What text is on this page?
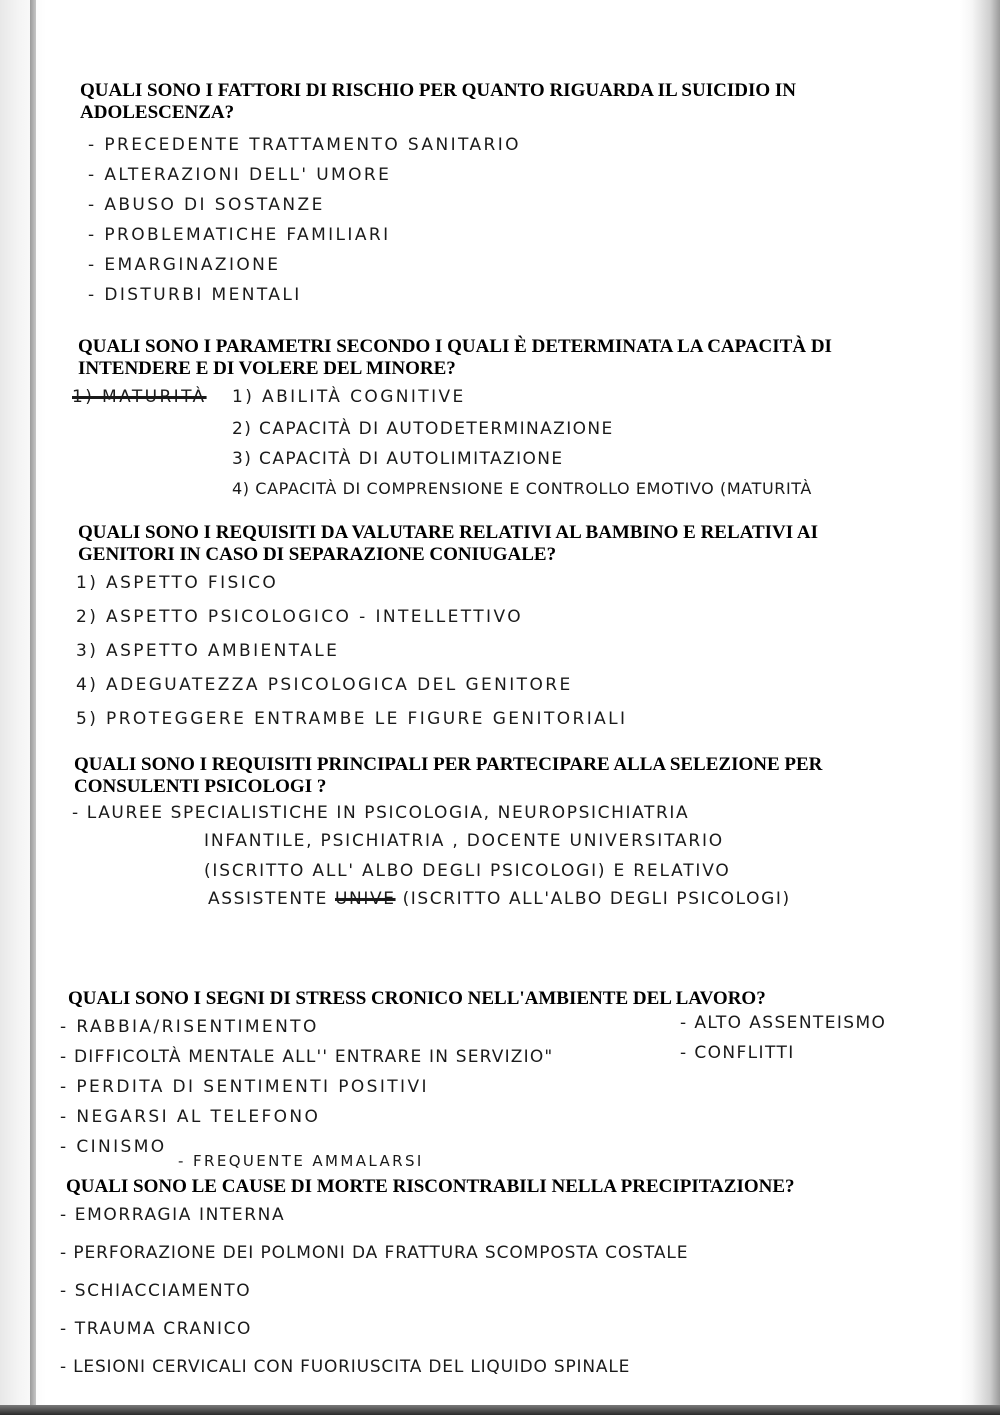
QUALI SONO I FATTORI DI RISCHIO PER QUANTO RIGUARDA IL SUICIDIO IN ADOLESCENZA?

- PRECEDENTE TRATTAMENTO SANITARIO
- ALTERAZIONI DELL' UMORE
- ABUSO DI SOSTANZE
- PROBLEMATICHE FAMILIARI
- EMARGINAZIONE
- DISTURBI MENTALI

QUALI SONO I PARAMETRI SECONDO I QUALI È DETERMINATA LA CAPACITÀ DI INTENDERE E DI VOLERE DEL MINORE?

1) MATURITÀ 1) ABILITÀ COGNITIVE
2) CAPACITÀ DI AUTODETERMINAZIONE
3) CAPACITÀ DI AUTOLIMITAZIONE
4) CAPACITÀ DI COMPRENSIONE E CONTROLLO EMOTIVO (MATURITÀ

QUALI SONO I REQUISITI DA VALUTARE RELATIVI AL BAMBINO E RELATIVI AI GENITORI IN CASO DI SEPARAZIONE CONIUGALE?

1) ASPETTO FISICO
2) ASPETTO PSICOLOGICO - INTELLETTIVO
3) ASPETTO AMBIENTALE
4) ADEGUATEZZA PSICOLOGICA DEL GENITORE
5) PROTEGGERE ENTRAMBE LE FIGURE GENITORIALI

QUALI SONO I REQUISITI PRINCIPALI PER PARTECIPARE ALLA SELEZIONE PER CONSULENTI PSICOLOGI ?

- LAUREE SPECIALISTICHE IN PSICOLOGIA, NEUROPSICHIATRIA
INFANTILE, PSICHIATRIA , DOCENTE UNIVERSITARIO
(ISCRITTO ALL' ALBO DEGLI PSICOLOGI) E RELATIVO
ASSISTENTE UNIVE (ISCRITTO ALL'ALBO DEGLI PSICOLOGI)

QUALI SONO I SEGNI DI STRESS CRONICO NELL'AMBIENTE DEL LAVORO?

- RABBIA/RISENTIMENTO
- DIFFICOLTÀ MENTALE ALL'' ENTRARE IN SERVIZIO"
- PERDITA DI SENTIMENTI POSITIVI
- NEGARSI AL TELEFONO
- CINISMO
- ALTO ASSENTEISMO
- CONFLITTI
- FREQUENTE AMMALARSI

QUALI SONO LE CAUSE DI MORTE RISCONTRABILI NELLA PRECIPITAZIONE?

- EMORRAGIA INTERNA
- PERFORAZIONE DEI POLMONI DA FRATTURA SCOMPOSTA COSTALE
- SCHIACCIAMENTO
- TRAUMA CRANICO
- LESIONI CERVICALI CON FUORIUSCITA DEL LIQUIDO SPINALE
